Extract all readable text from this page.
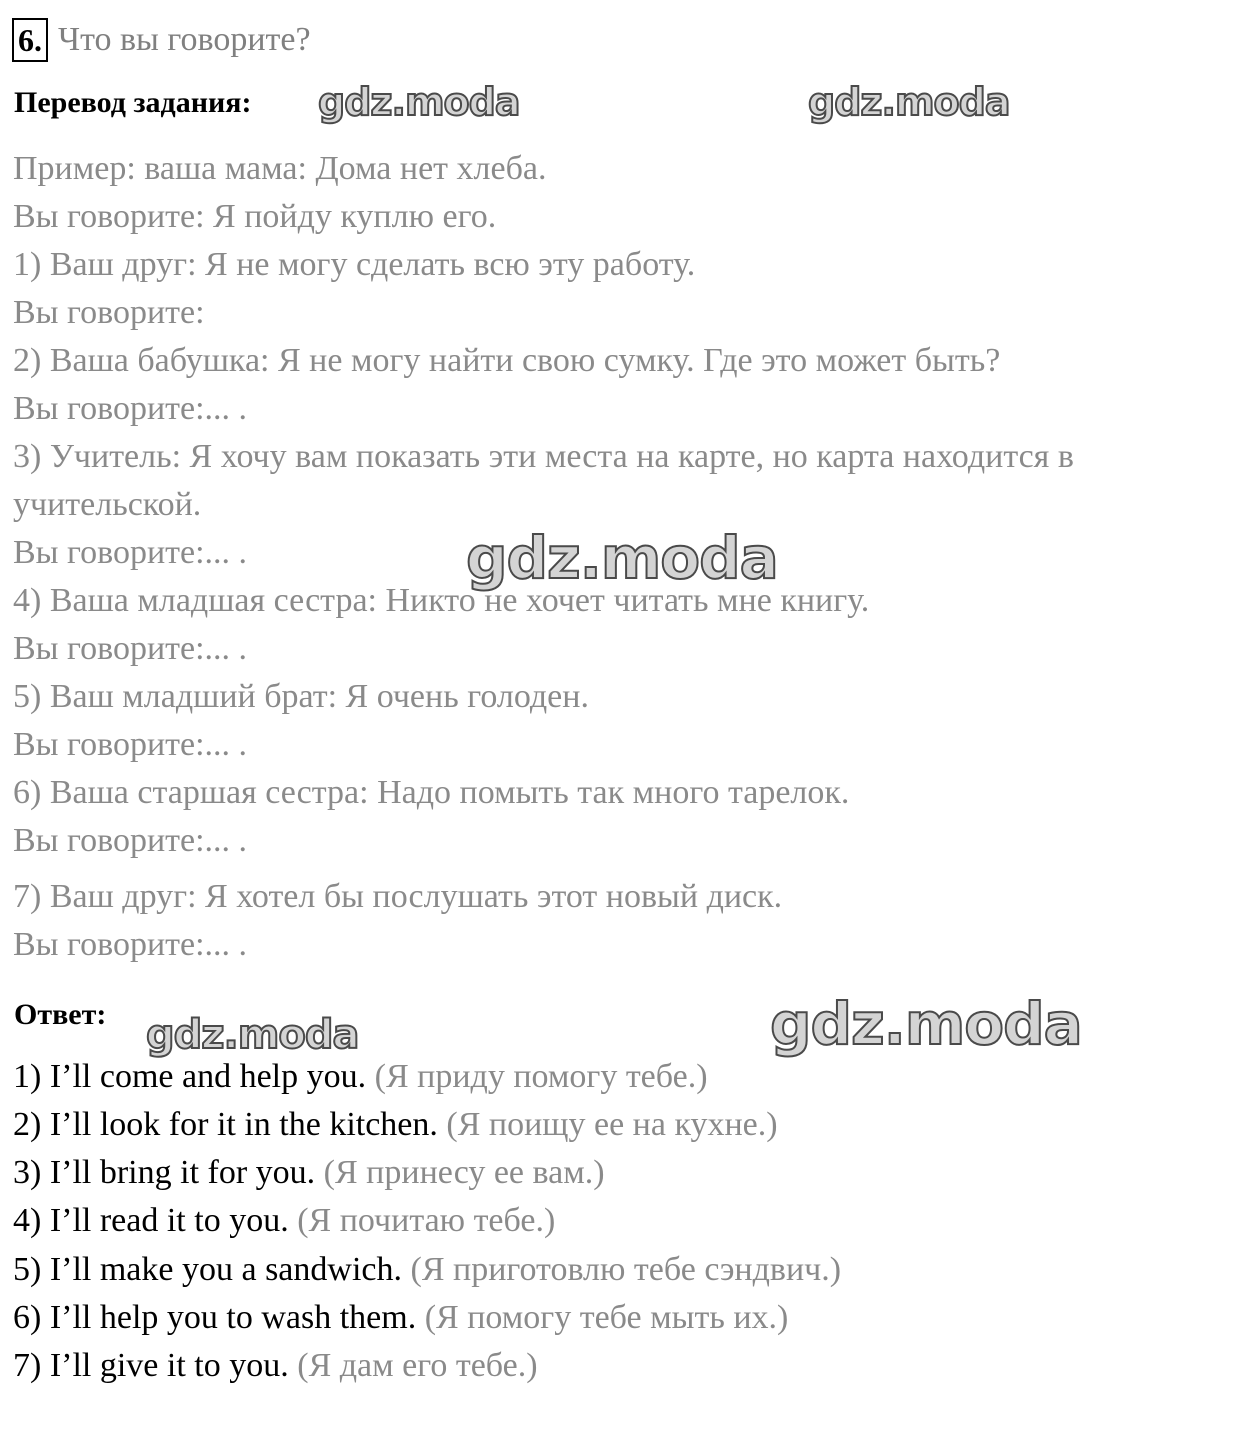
6. Что вы говорите?
Перевод задания:
Пример: ваша мама: Дома нет хлеба.
Вы говорите: Я пойду куплю его.
1) Ваш друг: Я не могу сделать всю эту работу.
Вы говорите:
2) Ваша бабушка: Я не могу найти свою сумку. Где это может быть?
Вы говорите:... .
3) Учитель: Я хочу вам показать эти места на карте, но карта находится в
учительской.
Вы говорите:... .
4) Ваша младшая сестра: Никто не хочет читать мне книгу.
Вы говорите:... .
5) Ваш младший брат: Я очень голоден.
Вы говорите:... .
6) Ваша старшая сестра: Надо помыть так много тарелок.
Вы говорите:... .
7) Ваш друг: Я хотел бы послушать этот новый диск.
Вы говорите:... .
Ответ:
1) I’ll come and help you. (Я приду помогу тебе.)
2) I’ll look for it in the kitchen. (Я поищу ее на кухне.)
3) I’ll bring it for you. (Я принесу ее вам.)
4) I’ll read it to you. (Я почитаю тебе.)
5) I’ll make you a sandwich. (Я приготовлю тебе сэндвич.)
6) I’ll help you to wash them. (Я помогу тебе мыть их.)
7) I’ll give it to you. (Я дам его тебе.)
gdz.moda	gdz.moda
gdz.moda
gdz.moda	gdz.moda
